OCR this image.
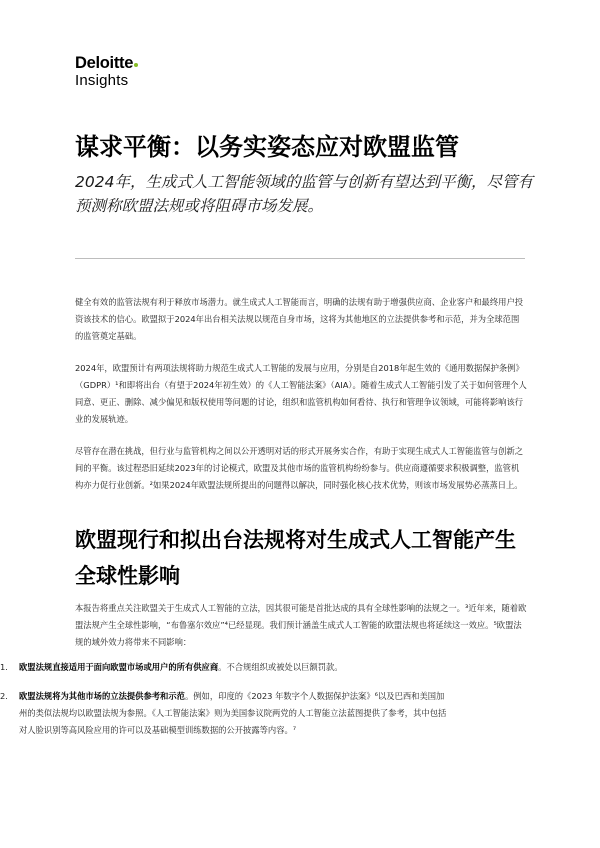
Deloitte
Insights
谋求平衡：以务实姿态应对欧盟监管
2024年，生成式人工智能领域的监管与创新有望达到平衡，尽管有预测称欧盟法规或将阻碍市场发展。

健全有效的监管法规有利于释放市场潜力。就生成式人工智能而言，明确的法规有助于增强供应商、企业客户和最终用户投资该技术的信心。欧盟拟于2024年出台相关法规以规范自身市场，这将为其他地区的立法提供参考和示范，并为全球范围的监管奠定基础。

2024年，欧盟预计有两项法规将助力规范生成式人工智能的发展与应用，分别是自2018年起生效的《通用数据保护条例》（GDPR）¹和即将出台（有望于2024年初生效）的《人工智能法案》（AIA）。随着生成式人工智能引发了关于如何管理个人同意、更正、删除、减少偏见和版权使用等问题的讨论，组织和监管机构如何看待、执行和管理争议领域，可能将影响该行业的发展轨迹。

尽管存在潜在挑战，但行业与监管机构之间以公开透明对话的形式开展务实合作，有助于实现生成式人工智能监管与创新之间的平衡。该过程恐旧延续2023年的讨论模式，欧盟及其他市场的监管机构纷纷参与。供应商遵循要求积极调整，监管机构亦力促行业创新。²如果2024年欧盟法规所提出的问题得以解决，同时强化核心技术优势，则该市场发展势必蒸蒸日上。

欧盟现行和拟出台法规将对生成式人工智能产生全球性影响

本报告将重点关注欧盟关于生成式人工智能的立法，因其很可能是首批达成的具有全球性影响的法规之一。³近年来，随着欧盟法规产生全球性影响，“布鲁塞尔效应”⁴已经显现。我们预计涵盖生成式人工智能的欧盟法规也将延续这一效应。⁵欧盟法规的域外效力将带来不同影响：

1.	欧盟法规直接适用于面向欧盟市场或用户的所有供应商。不合规组织或被处以巨额罚款。
2.	欧盟法规将为其他市场的立法提供参考和示范。例如，印度的《2023 年数字个人数据保护法案》⁶以及巴西和美国加州的类似法规均以欧盟法规为参照。《人工智能法案》则为美国参议院两党的人工智能立法蓝图提供了参考，其中包括对人脸识别等高风险应用的许可以及基础模型训练数据的公开披露等内容。⁷
